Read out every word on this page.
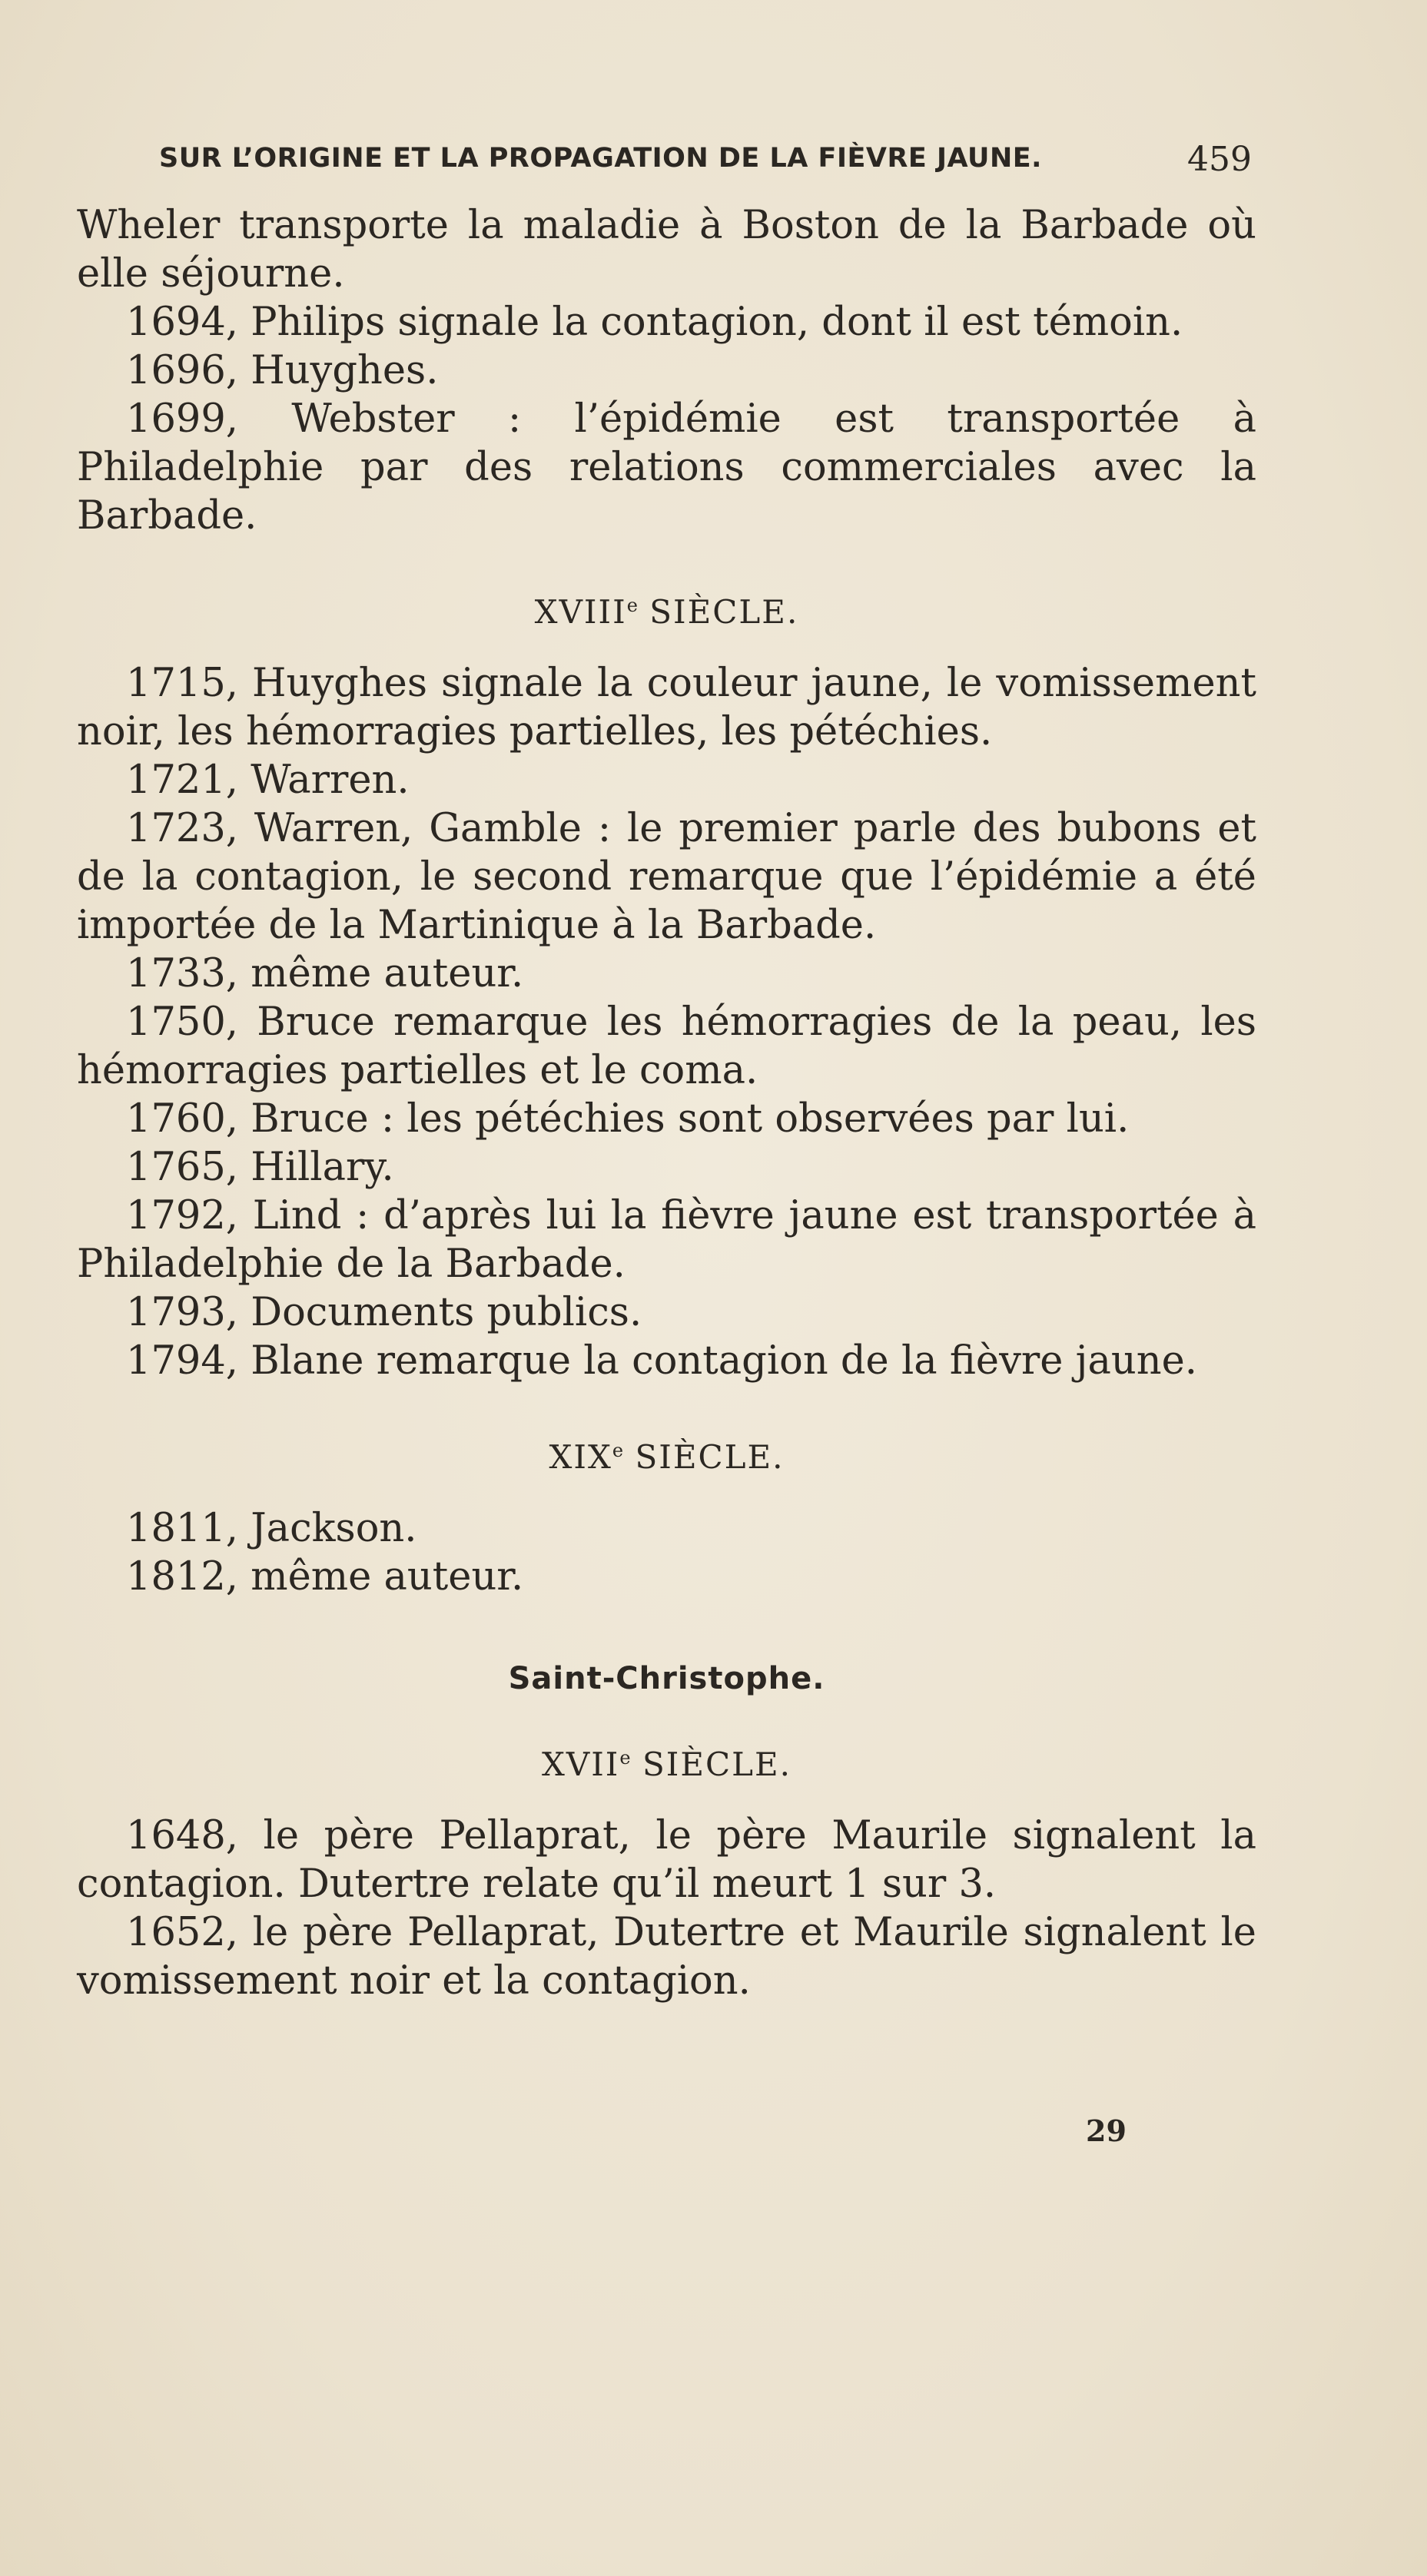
SUR L’ORIGINE ET LA PROPAGATION DE LA FIÈVRE JAUNE.	459

Wheler transporte la maladie à Boston de la Barbade où elle séjourne.

1694, Philips signale la contagion, dont il est témoin.

1696, Huyghes.

1699, Webster : l’épidémie est transportée à Philadelphie par des relations commerciales avec la Barbade.

XVIIIe SIÈCLE.

1715, Huyghes signale la couleur jaune, le vomissement noir, les hémorragies partielles, les pétéchies.

1721, Warren.

1723, Warren, Gamble : le premier parle des bubons et de la contagion, le second remarque que l’épidémie a été importée de la Martinique à la Barbade.

1733, même auteur.

1750, Bruce remarque les hémorragies de la peau, les hémorragies partielles et le coma.

1760, Bruce : les pétéchies sont observées par lui.

1765, Hillary.

1792, Lind : d’après lui la fièvre jaune est transportée à Philadelphie de la Barbade.

1793, Documents publics.

1794, Blane remarque la contagion de la fièvre jaune.

XIXe SIÈCLE.

1811, Jackson.

1812, même auteur.

Saint-Christophe.
XVIIe SIÈCLE.

1648, le père Pellaprat, le père Maurile signalent la contagion. Dutertre relate qu’il meurt 1 sur 3.

1652, le père Pellaprat, Dutertre et Maurile signalent le vomissement noir et la contagion.

29
